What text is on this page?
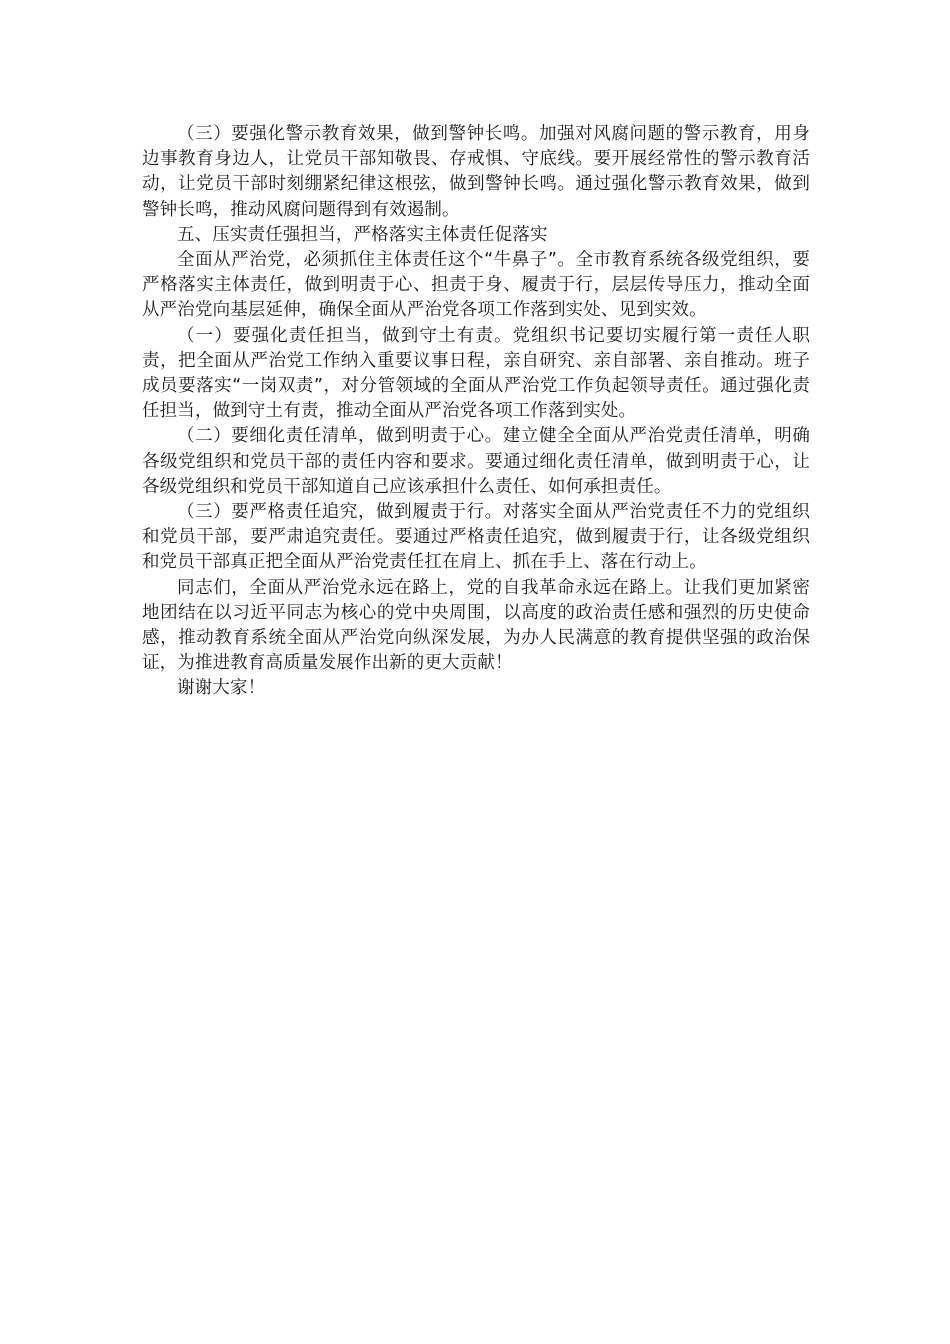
（三）要强化警示教育效果，做到警钟长鸣。加强对风腐问题的警示教育，用身边事教育身边人，让党员干部知敬畏、存戒惧、守底线。要开展经常性的警示教育活动，让党员干部时刻绷紧纪律这根弦，做到警钟长鸣。通过强化警示教育效果，做到警钟长鸣，推动风腐问题得到有效遏制。

五、压实责任强担当，严格落实主体责任促落实

全面从严治党，必须抓住主体责任这个“牛鼻子”。全市教育系统各级党组织，要严格落实主体责任，做到明责于心、担责于身、履责于行，层层传导压力，推动全面从严治党向基层延伸，确保全面从严治党各项工作落到实处、见到实效。

（一）要强化责任担当，做到守土有责。党组织书记要切实履行第一责任人职责，把全面从严治党工作纳入重要议事日程，亲自研究、亲自部署、亲自推动。班子成员要落实“一岗双责”，对分管领域的全面从严治党工作负起领导责任。通过强化责任担当，做到守土有责，推动全面从严治党各项工作落到实处。

（二）要细化责任清单，做到明责于心。建立健全全面从严治党责任清单，明确各级党组织和党员干部的责任内容和要求。要通过细化责任清单，做到明责于心，让各级党组织和党员干部知道自己应该承担什么责任、如何承担责任。

（三）要严格责任追究，做到履责于行。对落实全面从严治党责任不力的党组织和党员干部，要严肃追究责任。要通过严格责任追究，做到履责于行，让各级党组织和党员干部真正把全面从严治党责任扛在肩上、抓在手上、落在行动上。

同志们，全面从严治党永远在路上，党的自我革命永远在路上。让我们更加紧密地团结在以习近平同志为核心的党中央周围，以高度的政治责任感和强烈的历史使命感，推动教育系统全面从严治党向纵深发展，为办人民满意的教育提供坚强的政治保证，为推进教育高质量发展作出新的更大贡献！

谢谢大家！
